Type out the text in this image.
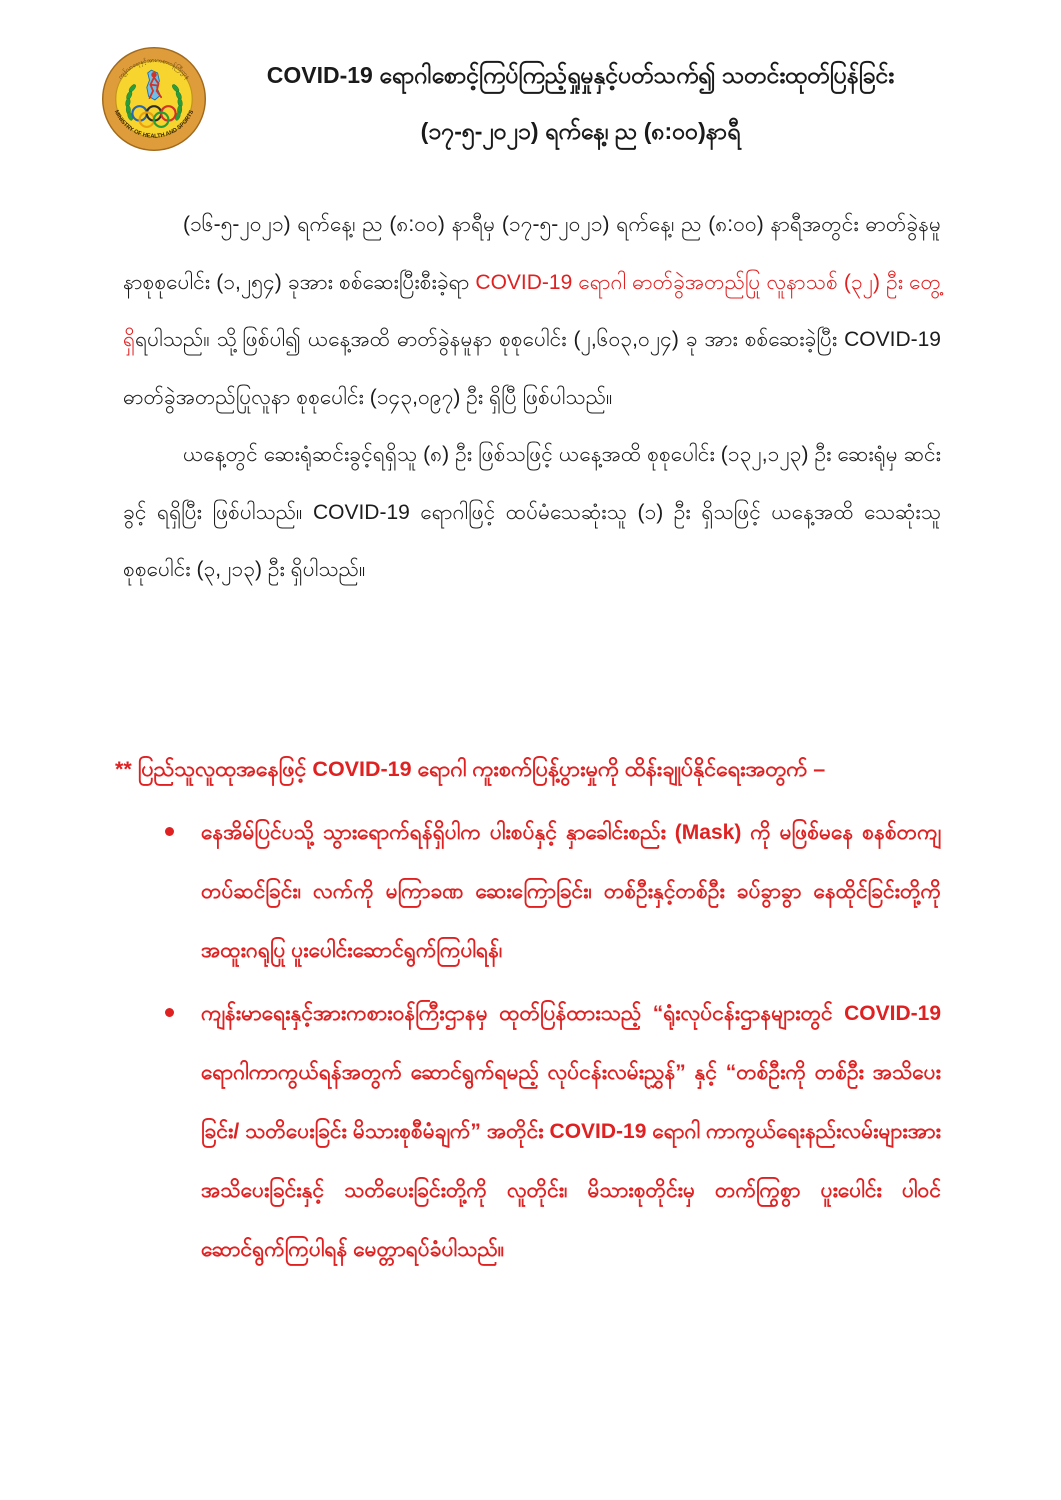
ကျန်းမာရေးနှင့်အားကစားဝန်ကြီးဌာန
MINISTRY OF HEALTH AND SPORTS
COVID-19 ရောဂါစောင့်ကြပ်ကြည့်ရှုမှုနှင့်ပတ်သက်၍ သတင်းထုတ်ပြန်ခြင်း
(၁၇-၅-၂၀၂၁) ရက်နေ့၊ ည (၈:၀၀)နာရီ

(၁၆-၅-၂၀၂၁) ရက်နေ့၊ ည (၈:၀၀) နာရီမှ (၁၇-၅-၂၀၂၁) ရက်နေ့၊ ည (၈:၀၀) နာရီအတွင်း ဓာတ်ခွဲနမူနာစုစုပေါင်း (၁,၂၅၄) ခုအား စစ်ဆေးပြီးစီးခဲ့ရာ COVID-19 ရောဂါ ဓာတ်ခွဲအတည်ပြု လူနာသစ် (၃၂) ဦး တွေ့ရှိရပါသည်။ သို့ဖြစ်ပါ၍ ယနေ့အထိ ဓာတ်ခွဲနမူနာ စုစုပေါင်း (၂,၆၀၃,၀၂၄) ခု အား စစ်ဆေးခဲ့ပြီး COVID-19 ဓာတ်ခွဲအတည်ပြုလူနာ စုစုပေါင်း (၁၄၃,၀၉၇) ဦး ရှိပြီ ဖြစ်ပါသည်။

ယနေ့တွင် ဆေးရုံဆင်းခွင့်ရရှိသူ (၈) ဦး ဖြစ်သဖြင့် ယနေ့အထိ စုစုပေါင်း (၁၃၂,၁၂၃) ဦး ဆေးရုံမှ ဆင်းခွင့် ရရှိပြီး ဖြစ်ပါသည်။ COVID-19 ရောဂါဖြင့် ထပ်မံသေဆုံးသူ (၁) ဦး ရှိသဖြင့် ယနေ့အထိ သေဆုံးသူစုစုပေါင်း (၃,၂၁၃) ဦး ရှိပါသည်။

** ပြည်သူလူထုအနေဖြင့် COVID-19 ရောဂါ ကူးစက်ပြန့်ပွားမှုကို ထိန်းချုပ်နိုင်ရေးအတွက် –
နေအိမ်ပြင်ပသို့ သွားရောက်ရန်ရှိပါက ပါးစပ်နှင့် နှာခေါင်းစည်း (Mask) ကို မဖြစ်မနေ စနစ်တကျ တပ်ဆင်ခြင်း၊ လက်ကို မကြာခဏ ဆေးကြောခြင်း၊ တစ်ဦးနှင့်တစ်ဦး ခပ်ခွာခွာ နေထိုင်ခြင်းတို့ကို အထူးဂရုပြု ပူးပေါင်းဆောင်ရွက်ကြပါရန်၊
ကျန်းမာရေးနှင့်အားကစားဝန်ကြီးဌာနမှ ထုတ်ပြန်ထားသည့် “ရုံးလုပ်ငန်းဌာနများတွင် COVID-19 ရောဂါကာကွယ်ရန်အတွက် ဆောင်ရွက်ရမည့် လုပ်ငန်းလမ်းညွှန်” နှင့် “တစ်ဦးကို တစ်ဦး အသိပေးခြင်း/ သတိပေးခြင်း မိသားစုစီမံချက်” အတိုင်း COVID-19 ရောဂါ ကာကွယ်ရေးနည်းလမ်းများအား အသိပေးခြင်းနှင့် သတိပေးခြင်းတို့ကို လူတိုင်း၊ မိသားစုတိုင်းမှ တက်ကြွစွာ ပူးပေါင်း ပါဝင် ဆောင်ရွက်ကြပါရန် မေတ္တာရပ်ခံပါသည်။
